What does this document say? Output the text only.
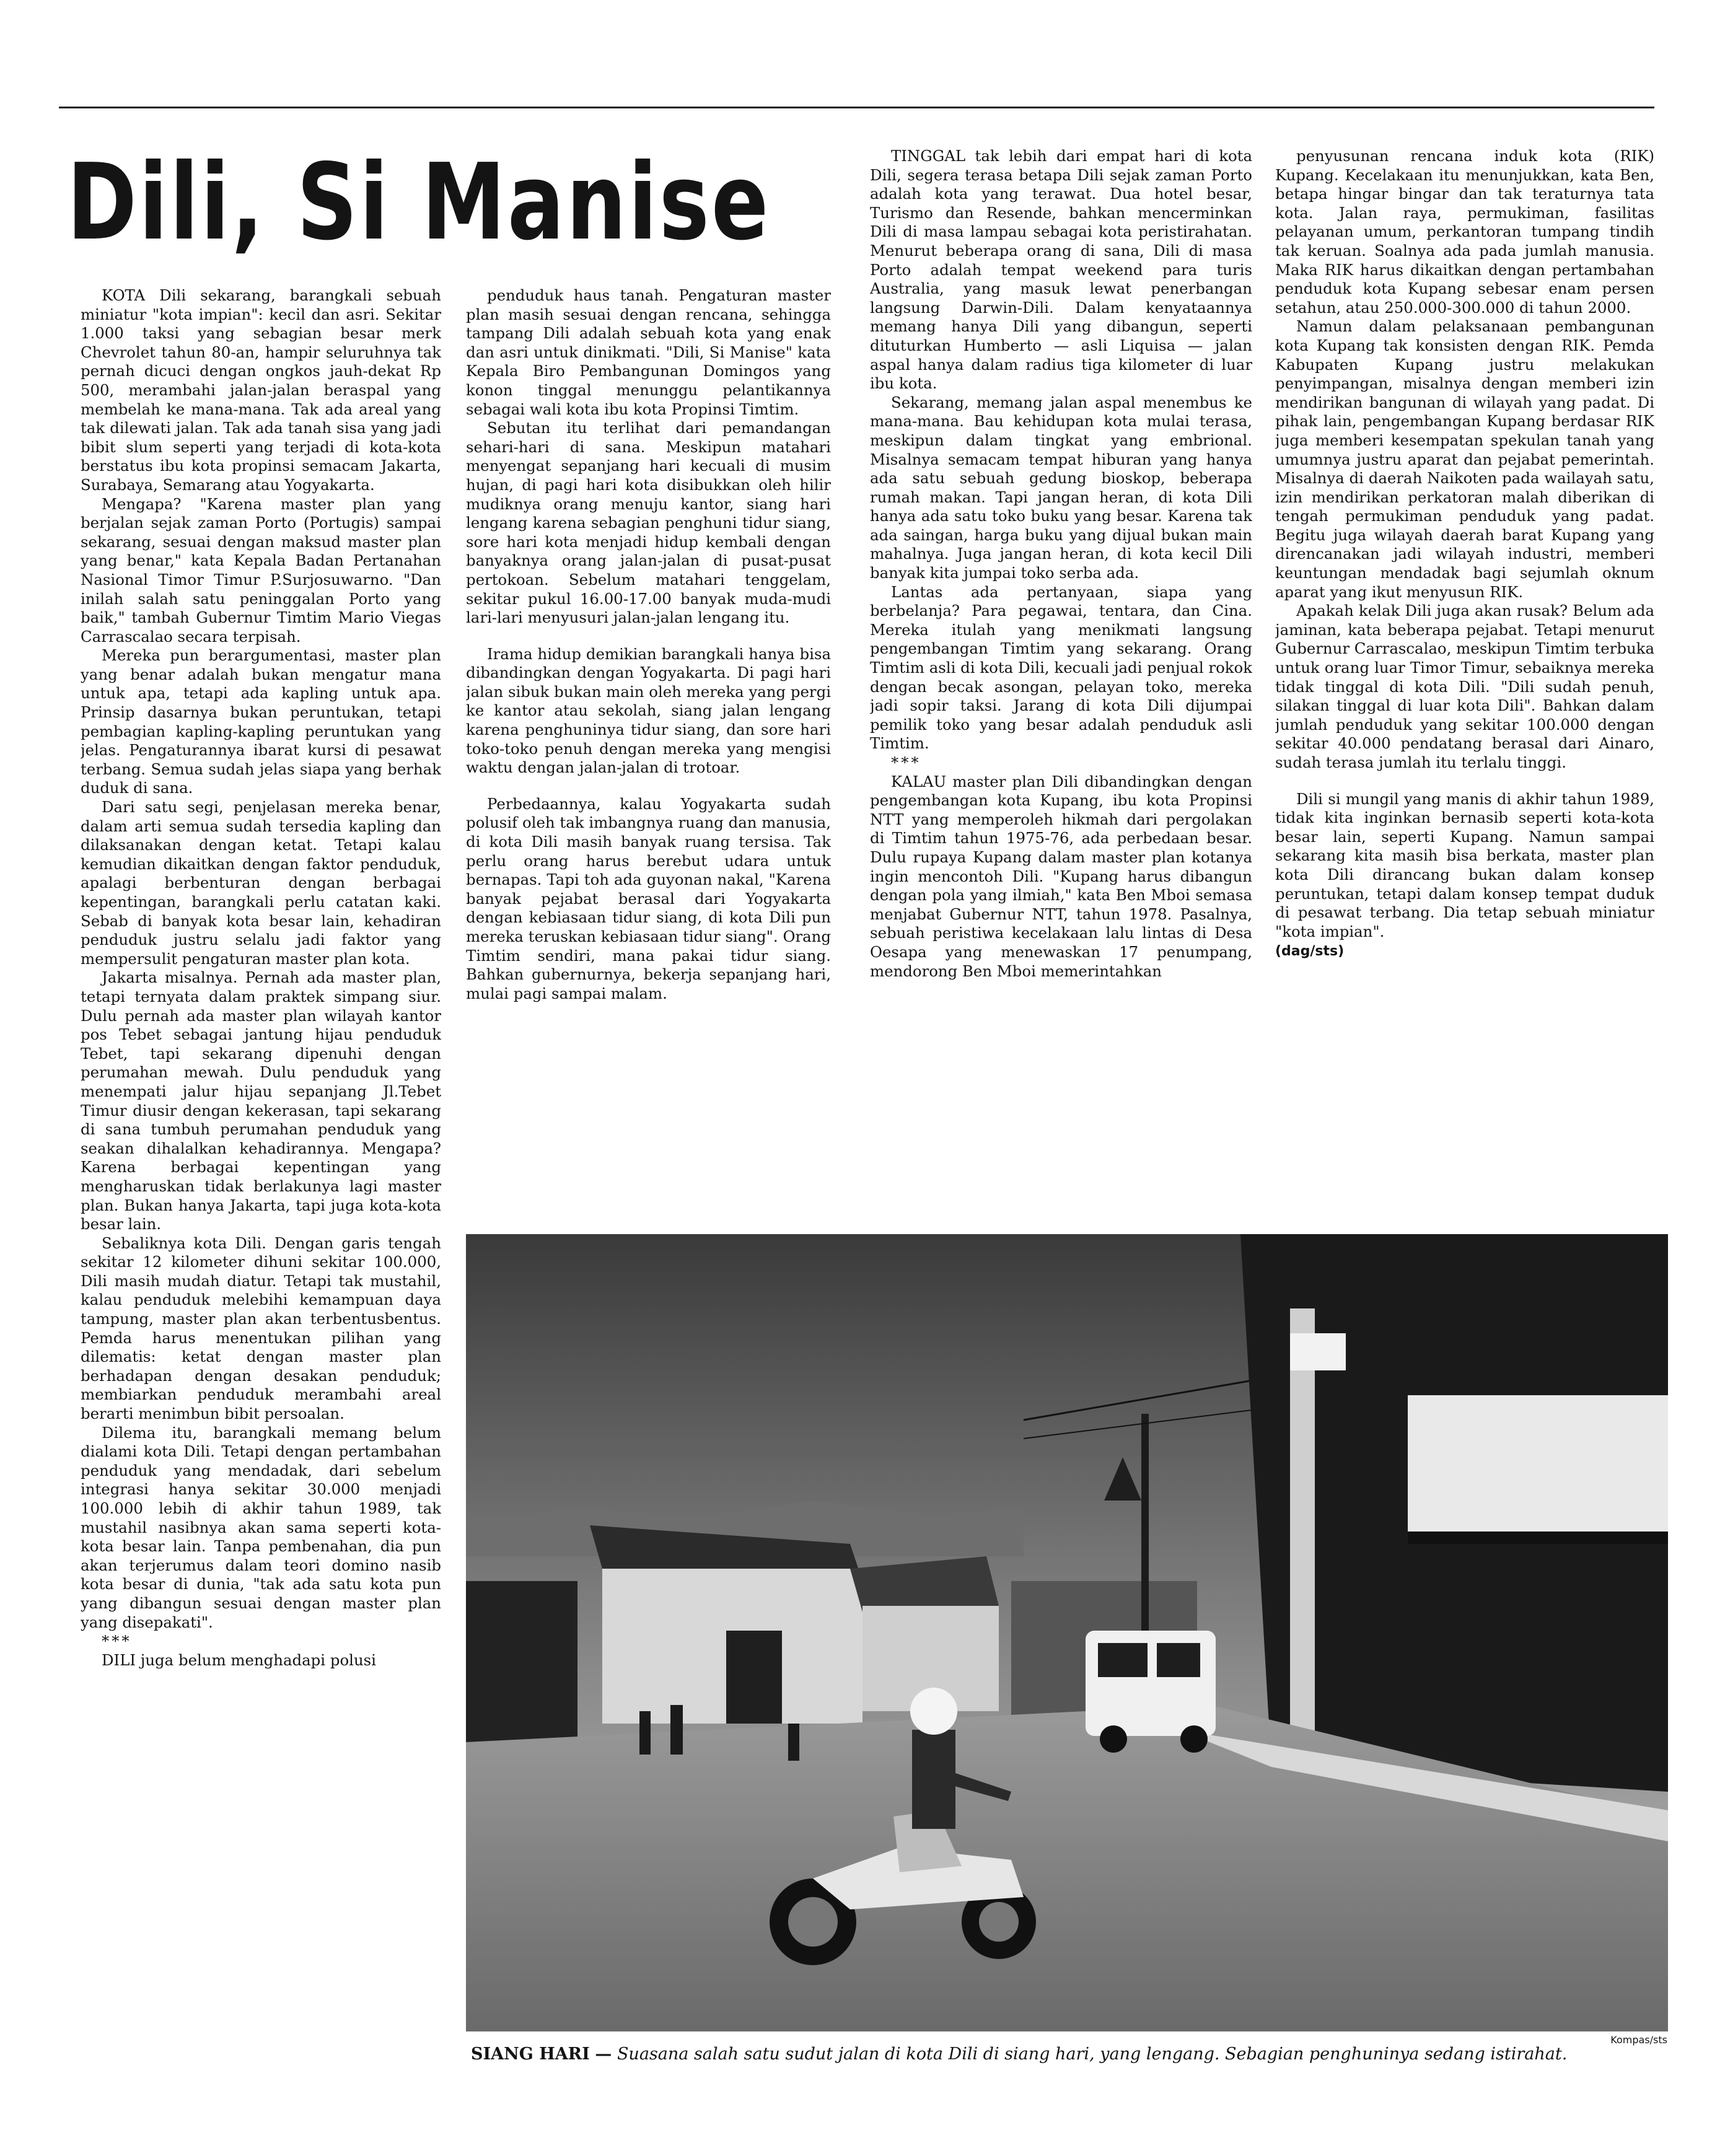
Dili, Si Manise

KOTA Dili sekarang, barangkali sebuah miniatur "kota impian": kecil dan asri. Sekitar 1.000 taksi yang sebagian besar merk Chevrolet tahun 80-an, hampir seluruhnya tak pernah dicuci dengan ongkos jauh-dekat Rp 500, merambahi jalan-jalan beraspal yang membelah ke mana-mana. Tak ada areal yang tak dilewati jalan. Tak ada tanah sisa yang jadi bibit slum seperti yang terjadi di kota-kota berstatus ibu kota propinsi semacam Jakarta, Surabaya, Semarang atau Yogyakarta.

Mengapa? "Karena master plan yang berjalan sejak zaman Porto (Portugis) sampai sekarang, sesuai dengan maksud master plan yang benar," kata Kepala Badan Pertanahan Nasional Timor Timur P.Surjosuwarno. "Dan inilah salah satu peninggalan Porto yang baik," tambah Gubernur Timtim Mario Viegas Carrascalao secara terpisah.

Mereka pun berargumentasi, master plan yang benar adalah bukan mengatur mana untuk apa, tetapi ada kapling untuk apa. Prinsip dasarnya bukan peruntukan, tetapi pembagian kapling-kapling peruntukan yang jelas. Pengaturannya ibarat kursi di pesawat terbang. Semua sudah jelas siapa yang berhak duduk di sana.

Dari satu segi, penjelasan mereka benar, dalam arti semua sudah tersedia kapling dan dilaksanakan dengan ketat. Tetapi kalau kemudian dikaitkan dengan faktor penduduk, apalagi berbenturan dengan berbagai kepentingan, barangkali perlu catatan kaki. Sebab di banyak kota besar lain, kehadiran penduduk justru selalu jadi faktor yang mempersulit pengaturan master plan kota.

Jakarta misalnya. Pernah ada master plan, tetapi ternyata dalam praktek simpang siur. Dulu pernah ada master plan wilayah kantor pos Tebet sebagai jantung hijau penduduk Tebet, tapi sekarang dipenuhi dengan perumahan mewah. Dulu penduduk yang menempati jalur hijau sepanjang Jl.Tebet Timur diusir dengan kekerasan, tapi sekarang di sana tumbuh perumahan penduduk yang seakan dihalalkan kehadirannya. Mengapa? Karena berbagai kepentingan yang mengharuskan tidak berlakunya lagi master plan. Bukan hanya Jakarta, tapi juga kota-kota besar lain.

Sebaliknya kota Dili. Dengan garis tengah sekitar 12 kilometer dihuni sekitar 100.000, Dili masih mudah diatur. Tetapi tak mustahil, kalau penduduk melebihi kemampuan daya tampung, master plan akan terbentusbentus. Pemda harus menentukan pilihan yang dilematis: ketat dengan master plan berhadapan dengan desakan penduduk; membiarkan penduduk merambahi areal berarti menimbun bibit persoalan.

Dilema itu, barangkali memang belum dialami kota Dili. Tetapi dengan pertambahan penduduk yang mendadak, dari sebelum integrasi hanya sekitar 30.000 menjadi 100.000 lebih di akhir tahun 1989, tak mustahil nasibnya akan sama seperti kota-kota besar lain. Tanpa pembenahan, dia pun akan terjerumus dalam teori domino nasib kota besar di dunia, "tak ada satu kota pun yang dibangun sesuai dengan master plan yang disepakati".

***

DILI juga belum menghadapi polusi

penduduk haus tanah. Pengaturan master plan masih sesuai dengan rencana, sehingga tampang Dili adalah sebuah kota yang enak dan asri untuk dinikmati. "Dili, Si Manise" kata Kepala Biro Pembangunan Domingos yang konon tinggal menunggu pelantikannya sebagai wali kota ibu kota Propinsi Timtim.

Sebutan itu terlihat dari pemandangan sehari-hari di sana. Meskipun matahari menyengat sepanjang hari kecuali di musim hujan, di pagi hari kota disibukkan oleh hilir mudiknya orang menuju kantor, siang hari lengang karena sebagian penghuni tidur siang, sore hari kota menjadi hidup kembali dengan banyaknya orang jalan-jalan di pusat-pusat pertokoan. Sebelum matahari tenggelam, sekitar pukul 16.00-17.00 banyak muda-mudi lari-lari menyusuri jalan-jalan lengang itu.

Irama hidup demikian barangkali hanya bisa dibandingkan dengan Yogyakarta. Di pagi hari jalan sibuk bukan main oleh mereka yang pergi ke kantor atau sekolah, siang jalan lengang karena penghuninya tidur siang, dan sore hari toko-toko penuh dengan mereka yang mengisi waktu dengan jalan-jalan di trotoar.

Perbedaannya, kalau Yogyakarta sudah polusif oleh tak imbangnya ruang dan manusia, di kota Dili masih banyak ruang tersisa. Tak perlu orang harus berebut udara untuk bernapas. Tapi toh ada guyonan nakal, "Karena banyak pejabat berasal dari Yogyakarta dengan kebiasaan tidur siang, di kota Dili pun mereka teruskan kebiasaan tidur siang". Orang Timtim sendiri, mana pakai tidur siang. Bahkan gubernurnya, bekerja sepanjang hari, mulai pagi sampai malam.

TINGGAL tak lebih dari empat hari di kota Dili, segera terasa betapa Dili sejak zaman Porto adalah kota yang terawat. Dua hotel besar, Turismo dan Resende, bahkan mencerminkan Dili di masa lampau sebagai kota peristirahatan. Menurut beberapa orang di sana, Dili di masa Porto adalah tempat weekend para turis Australia, yang masuk lewat penerbangan langsung Darwin-Dili. Dalam kenyataannya memang hanya Dili yang dibangun, seperti dituturkan Humberto — asli Liquisa — jalan aspal hanya dalam radius tiga kilometer di luar ibu kota.

Sekarang, memang jalan aspal menembus ke mana-mana. Bau kehidupan kota mulai terasa, meskipun dalam tingkat yang embrional. Misalnya semacam tempat hiburan yang hanya ada satu sebuah gedung bioskop, beberapa rumah makan. Tapi jangan heran, di kota Dili hanya ada satu toko buku yang besar. Karena tak ada saingan, harga buku yang dijual bukan main mahalnya. Juga jangan heran, di kota kecil Dili banyak kita jumpai toko serba ada.

Lantas ada pertanyaan, siapa yang berbelanja? Para pegawai, tentara, dan Cina. Mereka itulah yang menikmati langsung pengembangan Timtim yang sekarang. Orang Timtim asli di kota Dili, kecuali jadi penjual rokok dengan becak asongan, pelayan toko, mereka jadi sopir taksi. Jarang di kota Dili dijumpai pemilik toko yang besar adalah penduduk asli Timtim.

***

KALAU master plan Dili dibandingkan dengan pengembangan kota Kupang, ibu kota Propinsi NTT yang memperoleh hikmah dari pergolakan di Timtim tahun 1975-76, ada perbedaan besar. Dulu rupaya Kupang dalam master plan kotanya ingin mencontoh Dili. "Kupang harus dibangun dengan pola yang ilmiah," kata Ben Mboi semasa menjabat Gubernur NTT, tahun 1978. Pasalnya, sebuah peristiwa kecelakaan lalu lintas di Desa Oesapa yang menewaskan 17 penumpang, mendorong Ben Mboi memerintahkan

penyusunan rencana induk kota (RIK) Kupang. Kecelakaan itu menunjukkan, kata Ben, betapa hingar bingar dan tak teraturnya tata kota. Jalan raya, permukiman, fasilitas pelayanan umum, perkantoran tumpang tindih tak keruan. Soalnya ada pada jumlah manusia. Maka RIK harus dikaitkan dengan pertambahan penduduk kota Kupang sebesar enam persen setahun, atau 250.000-300.000 di tahun 2000.

Namun dalam pelaksanaan pembangunan kota Kupang tak konsisten dengan RIK. Pemda Kabupaten Kupang justru melakukan penyimpangan, misalnya dengan memberi izin mendirikan bangunan di wilayah yang padat. Di pihak lain, pengembangan Kupang berdasar RIK juga memberi kesempatan spekulan tanah yang umumnya justru aparat dan pejabat pemerintah. Misalnya di daerah Naikoten pada wailayah satu, izin mendirikan perkatoran malah diberikan di tengah permukiman penduduk yang padat. Begitu juga wilayah daerah barat Kupang yang direncanakan jadi wilayah industri, memberi keuntungan mendadak bagi sejumlah oknum aparat yang ikut menyusun RIK.

Apakah kelak Dili juga akan rusak? Belum ada jaminan, kata beberapa pejabat. Tetapi menurut Gubernur Carrascalao, meskipun Timtim terbuka untuk orang luar Timor Timur, sebaiknya mereka tidak tinggal di kota Dili. "Dili sudah penuh, silakan tinggal di luar kota Dili". Bahkan dalam jumlah penduduk yang sekitar 100.000 dengan sekitar 40.000 pendatang berasal dari Ainaro, sudah terasa jumlah itu terlalu tinggi.

Dili si mungil yang manis di akhir tahun 1989, tidak kita inginkan bernasib seperti kota-kota besar lain, seperti Kupang. Namun sampai sekarang kita masih bisa berkata, master plan kota Dili dirancang bukan dalam konsep peruntukan, tetapi dalam konsep tempat duduk di pesawat terbang. Dia tetap sebuah miniatur "kota impian".

(dag/sts)

Kompas/sts

SIANG HARI — Suasana salah satu sudut jalan di kota Dili di siang hari, yang lengang. Sebagian penghuninya sedang istirahat.
